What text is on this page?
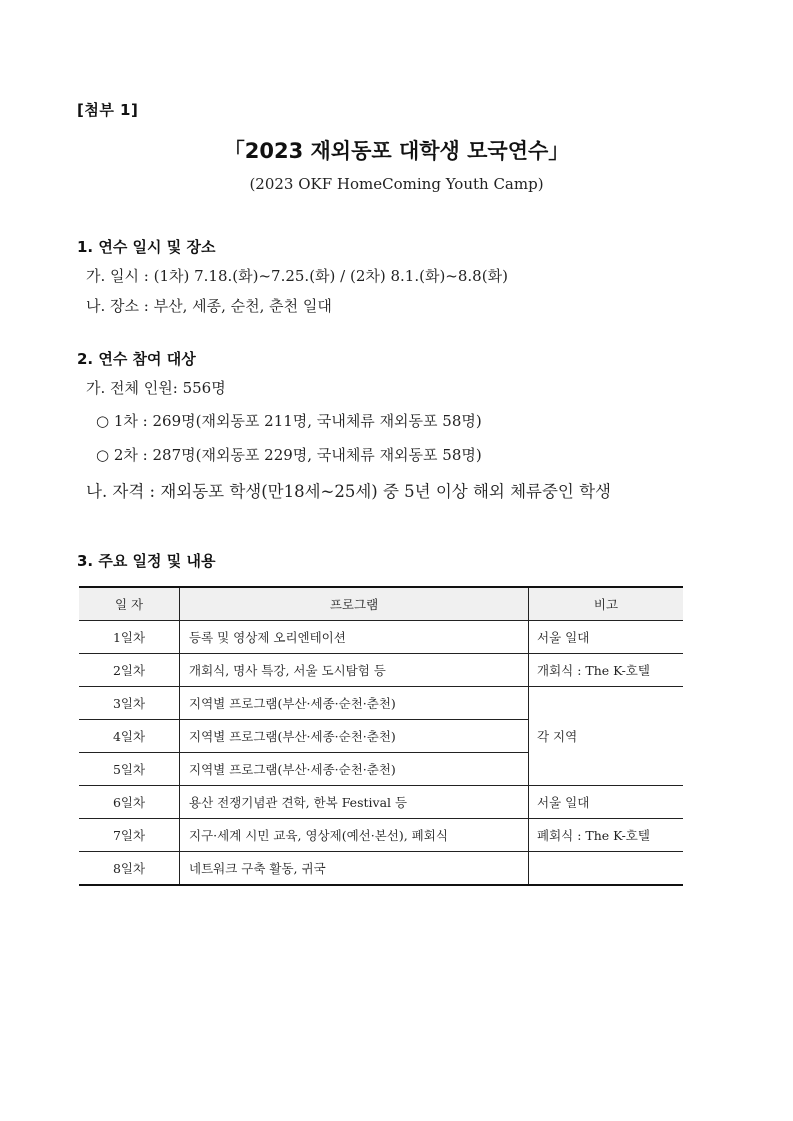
[첨부 1]
「2023 재외동포 대학생 모국연수」
(2023 OKF HomeComing Youth Camp)
1. 연수 일시 및 장소
가. 일시 : (1차) 7.18.(화)~7.25.(화) / (2차) 8.1.(화)~8.8(화)
나. 장소 : 부산, 세종, 순천, 춘천 일대
2. 연수 참여 대상
가. 전체 인원: 556명
○ 1차 : 269명(재외동포 211명, 국내체류 재외동포 58명)
○ 2차 : 287명(재외동포 229명, 국내체류 재외동포 58명)
나. 자격 : 재외동포 학생(만18세~25세) 중 5년 이상 해외 체류중인 학생
3. 주요 일정 및 내용
일 자	프로그램	비고
1일차	등록 및 영상제 오리엔테이션	서울 일대
2일차	개회식, 명사 특강, 서울 도시탐험 등	개회식 : The K-호텔
3일차	지역별 프로그램(부산·세종·순천·춘천)	각 지역
4일차	지역별 프로그램(부산·세종·순천·춘천)	
5일차	지역별 프로그램(부산·세종·순천·춘천)	
6일차	용산 전쟁기념관 견학, 한복 Festival 등	서울 일대
7일차	지구·세계 시민 교육, 영상제(예선·본선), 폐회식	폐회식 : The K-호텔
8일차	네트워크 구축 활동, 귀국	
